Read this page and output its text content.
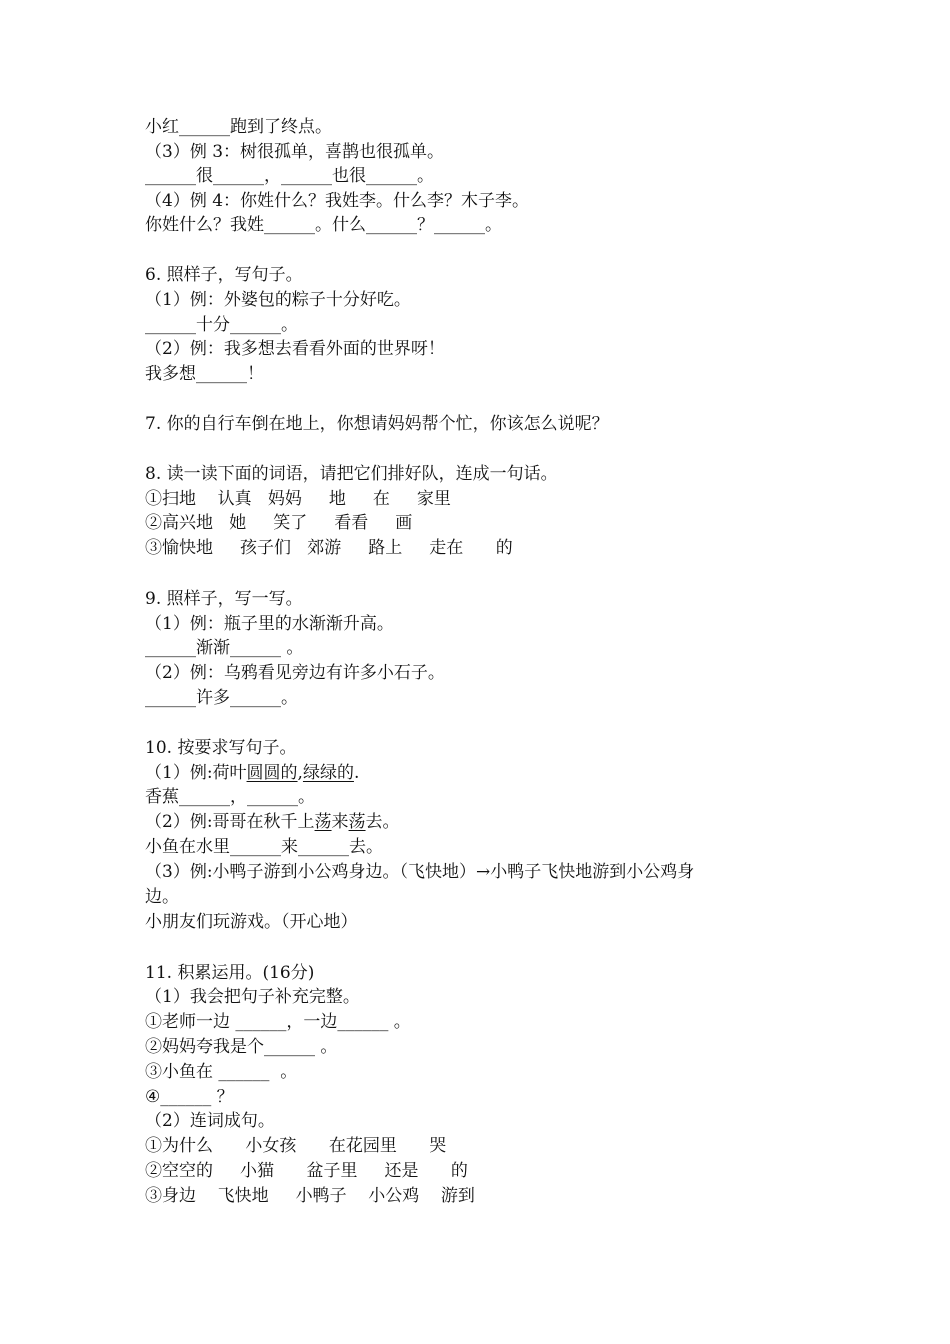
小红______跑到了终点。
（3）例 3：树很孤单，喜鹊也很孤单。
______很______，______也很______。
（4）例 4：你姓什么？我姓李。什么李？木子李。
你姓什么？我姓______。什么______？______。
6. 照样子，写句子。
（1）例：外婆包的粽子十分好吃。
______十分______。
（2）例：我多想去看看外面的世界呀！
我多想______！
7. 你的自行车倒在地上，你想请妈妈帮个忙，你该怎么说呢？
8. 读一读下面的词语，请把它们排好队，连成一句话。
①扫地    认真   妈妈     地     在     家里
②高兴地   她     笑了     看看     画
③愉快地     孩子们   郊游     路上     走在      的
9. 照样子，写一写。
（1）例：瓶子里的水渐渐升高。
______渐渐______ 。
（2）例：乌鸦看见旁边有许多小石子。
______许多______。
10. 按要求写句子。
（1）例:荷叶圆圆的,绿绿的.
香蕉______，______。
（2）例:哥哥在秋千上荡来荡去。
小鱼在水里______来______去。
（3）例:小鸭子游到小公鸡身边。（飞快地）→小鸭子飞快地游到小公鸡身
边。
小朋友们玩游戏。（开心地）
11. 积累运用。(16分)
（1）我会把句子补充完整。
①老师一边 ______，一边______ 。
②妈妈夸我是个______ 。
③小鱼在 ______  。
④______ ？
（2）连词成句。
①为什么      小女孩      在花园里      哭
②空空的     小猫      盆子里     还是      的
③身边    飞快地     小鸭子    小公鸡    游到
